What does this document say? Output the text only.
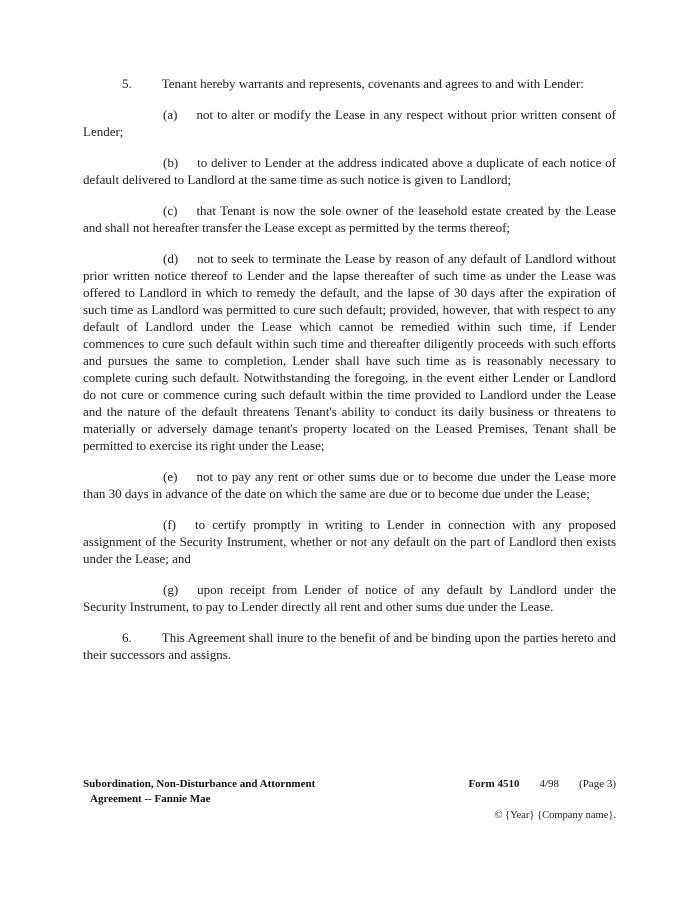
5. Tenant hereby warrants and represents, covenants and agrees to and with Lender:

(a) not to alter or modify the Lease in any respect without prior written consent of Lender;

(b) to deliver to Lender at the address indicated above a duplicate of each notice of default delivered to Landlord at the same time as such notice is given to Landlord;

(c) that Tenant is now the sole owner of the leasehold estate created by the Lease and shall not hereafter transfer the Lease except as permitted by the terms thereof;

(d) not to seek to terminate the Lease by reason of any default of Landlord without prior written notice thereof to Lender and the lapse thereafter of such time as under the Lease was offered to Landlord in which to remedy the default, and the lapse of 30 days after the expiration of such time as Landlord was permitted to cure such default; provided, however, that with respect to any default of Landlord under the Lease which cannot be remedied within such time, if Lender commences to cure such default within such time and thereafter diligently proceeds with such efforts and pursues the same to completion, Lender shall have such time as is reasonably necessary to complete curing such default. Notwithstanding the foregoing, in the event either Lender or Landlord do not cure or commence curing such default within the time provided to Landlord under the Lease and the nature of the default threatens Tenant's ability to conduct its daily business or threatens to materially or adversely damage tenant's property located on the Leased Premises, Tenant shall be permitted to exercise its right under the Lease;

(e) not to pay any rent or other sums due or to become due under the Lease more than 30 days in advance of the date on which the same are due or to become due under the Lease;

(f) to certify promptly in writing to Lender in connection with any proposed assignment of the Security Instrument, whether or not any default on the part of Landlord then exists under the Lease; and

(g) upon receipt from Lender of notice of any default by Landlord under the Security Instrument, to pay to Lender directly all rent and other sums due under the Lease.

6. This Agreement shall inure to the benefit of and be binding upon the parties hereto and their successors and assigns.

Subordination, Non-Disturbance and Attornment
Agreement -- Fannie Mae
Form 4510 4/98 (Page 3)
© {Year} {Company name}.
